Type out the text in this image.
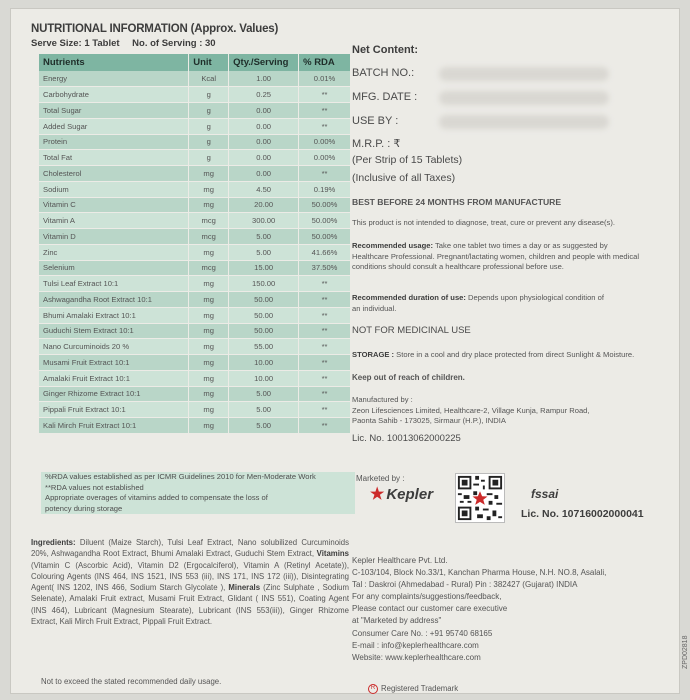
NUTRITIONAL INFORMATION (Approx. Values)
Serve Size: 1 Tablet No. of Serving : 30
Nutrients	Unit	Qty./Serving	% RDA
Energy	Kcal	1.00	0.01%
Carbohydrate	g	0.25	**
Total Sugar	g	0.00	**
Added Sugar	g	0.00	**
Protein	g	0.00	0.00%
Total Fat	g	0.00	0.00%
Cholesterol	mg	0.00	**
Sodium	mg	4.50	0.19%
Vitamin C	mg	20.00	50.00%
Vitamin A	mcg	300.00	50.00%
Vitamin D	mcg	5.00	50.00%
Zinc	mg	5.00	41.66%
Selenium	mcg	15.00	37.50%
Tulsi Leaf Extract 10:1	mg	150.00	**
Ashwagandha Root Extract 10:1	mg	50.00	**
Bhumi Amalaki Extract 10:1	mg	50.00	**
Guduchi Stem Extract 10:1	mg	50.00	**
Nano Curcuminoids 20 %	mg	55.00	**
Musami Fruit Extract 10:1	mg	10.00	**
Amalaki Fruit Extract 10:1	mg	10.00	**
Ginger Rhizome Extract 10:1	mg	5.00	**
Pippali Fruit Extract 10:1	mg	5.00	**
Kali Mirch Fruit Extract 10:1	mg	5.00	**
%RDA values established as per ICMR Guidelines 2010 for Men-Moderate Work
**RDA values not established
Appropriate overages of vitamins added to compensate the loss of
potency during storage
Net Content:
BATCH NO.:
MFG. DATE :
USE BY :
M.R.P. : ₹
(Per Strip of 15 Tablets)
(Inclusive of all Taxes)
BEST BEFORE 24 MONTHS FROM MANUFACTURE
This product is not intended to diagnose, treat, cure or prevent any disease(s).
Recommended usage: Take one tablet two times a day or as suggested by
Healthcare Professional. Pregnant/lactating women, children and people with medical
conditions should consult a healthcare professional before use.
Recommended duration of use: Depends upon physiological condition of
an individual.
NOT FOR MEDICINAL USE
STORAGE : Store in a cool and dry place protected from direct Sunlight & Moisture.
Keep out of reach of children.
Manufactured by :
Zeon Lifesciences Limited, Healthcare-2, Village Kunja, Rampur Road,
Paonta Sahib - 173025, Sirmaur (H.P.), INDIA
Lic. No. 10013062000225
Marketed by :
★ Kepler	fssai
Lic. No. 10716002000041
Ingredients: Diluent (Maize Starch), Tulsi Leaf Extract, Nano solubilized Curcuminoids 20%, Ashwagandha Root Extract, Bhumi Amalaki Extract, Guduchi Stem Extract, Vitamins (Vitamin C (Ascorbic Acid), Vitamin D2 (Ergocalciferol), Vitamin A (Retinyl Acetate)), Colouring Agents (INS 464, INS 1521, INS 553 (iii), INS 171, INS 172 (iii)), Disintegrating Agent( INS 1202, INS 466, Sodium Starch Glycolate ), Minerals (Zinc Sulphate , Sodium Selenate), Amalaki Fruit extract, Musami Fruit Extract, Glidant ( INS 551), Coating Agent (INS 464), Lubricant (Magnesium Stearate), Lubricant (INS 553(iii)), Ginger Rhizome Extract, Kali Mirch Fruit Extract, Pippali Fruit Extract.
Kepler Healthcare Pvt. Ltd.
C-103/104, Block No.33/1, Kanchan Pharma House, N.H. NO.8, Asalali,
Tal : Daskroi (Ahmedabad - Rural) Pin : 382427 (Gujarat) INDIA
For any complaints/suggestions/feedback,
Please contact our customer care executive
at "Marketed by address"
Consumer Care No. : +91 95740 68165
E-mail : info@keplerhealthcare.com
Website: www.keplerhealthcare.com
Not to exceed the stated recommended daily usage.
R Registered Trademark
ZPD02818
